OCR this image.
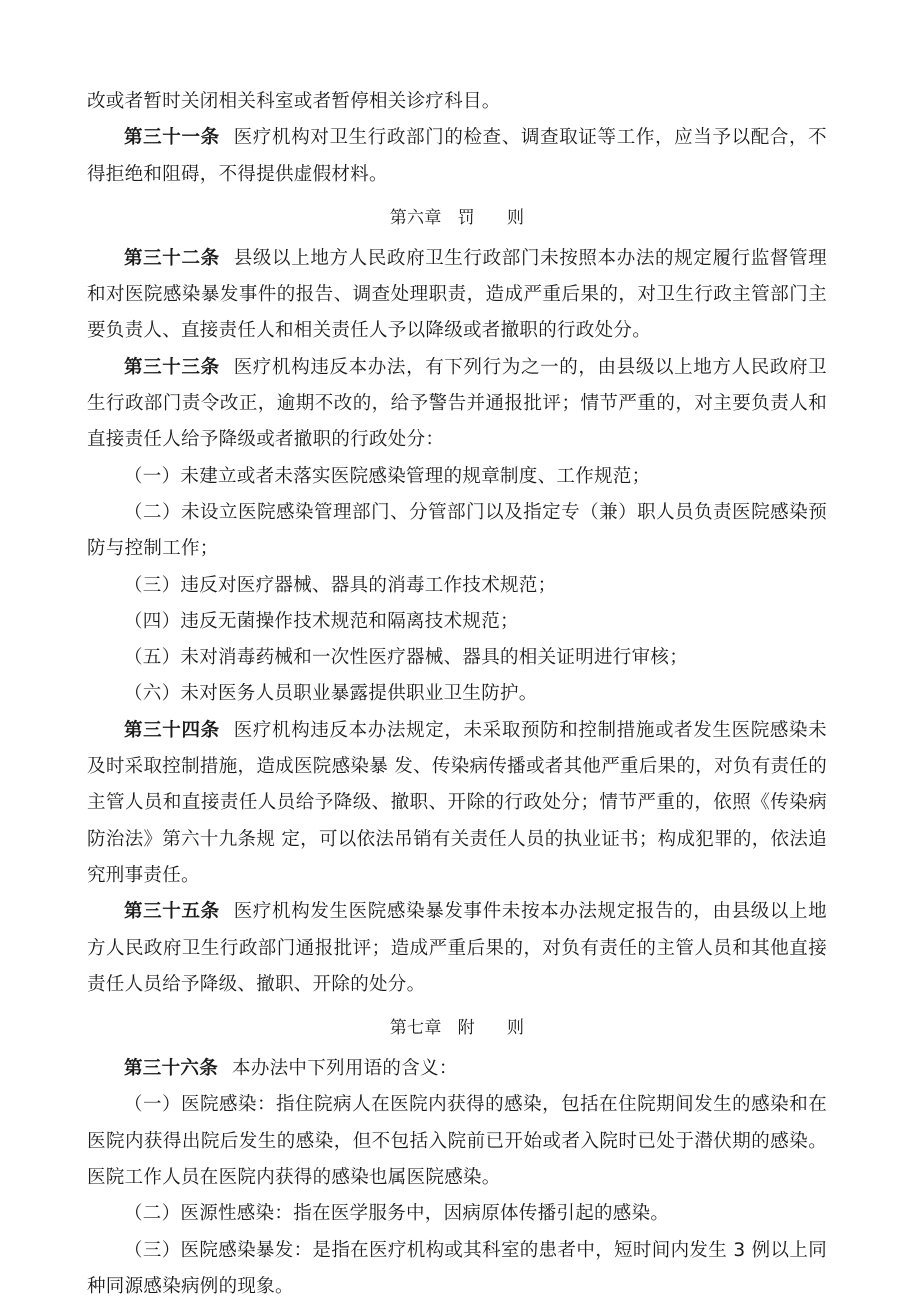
改或者暂时关闭相关科室或者暂停相关诊疗科目。

第三十一条 医疗机构对卫生行政部门的检查、调查取证等工作，应当予以配合，不得拒绝和阻碍，不得提供虚假材料。

第六章 罚 则

第三十二条 县级以上地方人民政府卫生行政部门未按照本办法的规定履行监督管理和对医院感染暴发事件的报告、调查处理职责，造成严重后果的，对卫生行政主管部门主要负责人、直接责任人和相关责任人予以降级或者撤职的行政处分。

第三十三条 医疗机构违反本办法，有下列行为之一的，由县级以上地方人民政府卫生行政部门责令改正，逾期不改的，给予警告并通报批评；情节严重的，对主要负责人和直接责任人给予降级或者撤职的行政处分：

（一）未建立或者未落实医院感染管理的规章制度、工作规范；

（二）未设立医院感染管理部门、分管部门以及指定专（兼）职人员负责医院感染预防与控制工作；

（三）违反对医疗器械、器具的消毒工作技术规范；

（四）违反无菌操作技术规范和隔离技术规范；

（五）未对消毒药械和一次性医疗器械、器具的相关证明进行审核；

（六）未对医务人员职业暴露提供职业卫生防护。

第三十四条 医疗机构违反本办法规定，未采取预防和控制措施或者发生医院感染未及时采取控制措施，造成医院感染暴 发、传染病传播或者其他严重后果的，对负有责任的主管人员和直接责任人员给予降级、撤职、开除的行政处分；情节严重的，依照《传染病防治法》第六十九条规 定，可以依法吊销有关责任人员的执业证书；构成犯罪的，依法追究刑事责任。

第三十五条 医疗机构发生医院感染暴发事件未按本办法规定报告的，由县级以上地方人民政府卫生行政部门通报批评；造成严重后果的，对负有责任的主管人员和其他直接责任人员给予降级、撤职、开除的处分。

第七章 附 则

第三十六条 本办法中下列用语的含义：

（一）医院感染：指住院病人在医院内获得的感染，包括在住院期间发生的感染和在医院内获得出院后发生的感染，但不包括入院前已开始或者入院时已处于潜伏期的感染。医院工作人员在医院内获得的感染也属医院感染。

（二）医源性感染：指在医学服务中，因病原体传播引起的感染。

（三）医院感染暴发：是指在医疗机构或其科室的患者中，短时间内发生 3 例以上同种同源感染病例的现象。
